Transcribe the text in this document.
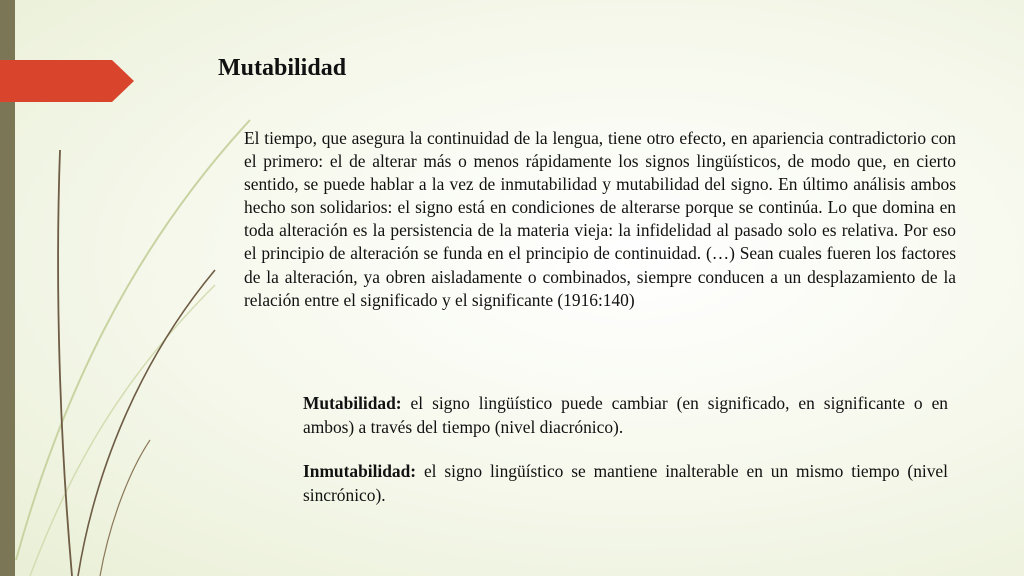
Mutabilidad

El tiempo, que asegura la continuidad de la lengua, tiene otro efecto, en apariencia contradictorio con el primero: el de alterar más o menos rápidamente los signos lingüísticos, de modo que, en cierto sentido, se puede hablar a la vez de inmutabilidad y mutabilidad del signo. En último análisis ambos hecho son solidarios: el signo está en condiciones de alterarse porque se continúa. Lo que domina en toda alteración es la persistencia de la materia vieja: la infidelidad al pasado solo es relativa. Por eso el principio de alteración se funda en el principio de continuidad. (…) Sean cuales fueren los factores de la alteración, ya obren aisladamente o combinados, siempre conducen a un desplazamiento de la relación entre el significado y el significante (1916:140)

Mutabilidad: el signo lingüístico puede cambiar (en significado, en significante o en ambos) a través del tiempo (nivel diacrónico).

Inmutabilidad: el signo lingüístico se mantiene inalterable en un mismo tiempo (nivel sincrónico).
